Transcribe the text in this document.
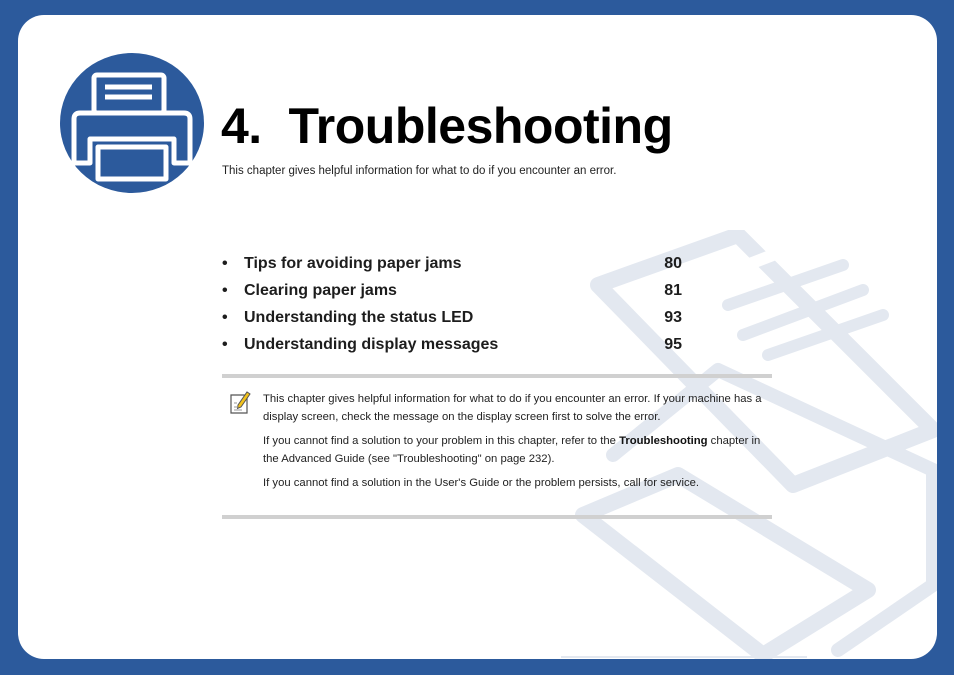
4. Troubleshooting
This chapter gives helpful information for what to do if you encounter an error.
• Tips for avoiding paper jams	80
• Clearing paper jams	81
• Understanding the status LED	93
• Understanding display messages	95

This chapter gives helpful information for what to do if you encounter an error. If your machine has a display screen, check the message on the display screen first to solve the error.

If you cannot find a solution to your problem in this chapter, refer to the Troubleshooting chapter in the Advanced Guide (see "Troubleshooting" on page 232).

If you cannot find a solution in the User's Guide or the problem persists, call for service.
